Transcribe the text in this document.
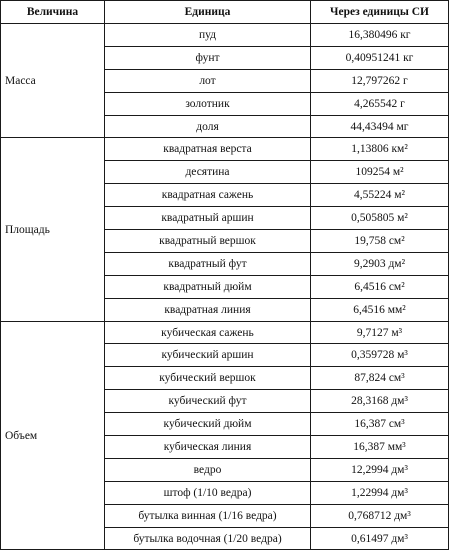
Величина	Единица	Через единицы СИ
Масса	пуд	16,380496 кг
	фунт	0,40951241 кг
	лот	12,797262 г
	золотник	4,265542 г
	доля	44,43494 мг
Площадь	квадратная верста	1,13806 км²
	десятина	109254 м²
	квадратная сажень	4,55224 м²
	квадратный аршин	0,505805 м²
	квадратный вершок	19,758 см²
	квадратный фут	9,2903 дм²
	квадратный дюйм	6,4516 см²
	квадратная линия	6,4516 мм²
Объем	кубическая сажень	9,7127 м³
	кубический аршин	0,359728 м³
	кубический вершок	87,824 см³
	кубический фут	28,3168 дм³
	кубический дюйм	16,387 см³
	кубическая линия	16,387 мм³
	ведро	12,2994 дм³
	штоф (1/10 ведра)	1,22994 дм³
	бутылка винная (1/16 ведра)	0,768712 дм³
	бутылка водочная (1/20 ведра)	0,61497 дм³
